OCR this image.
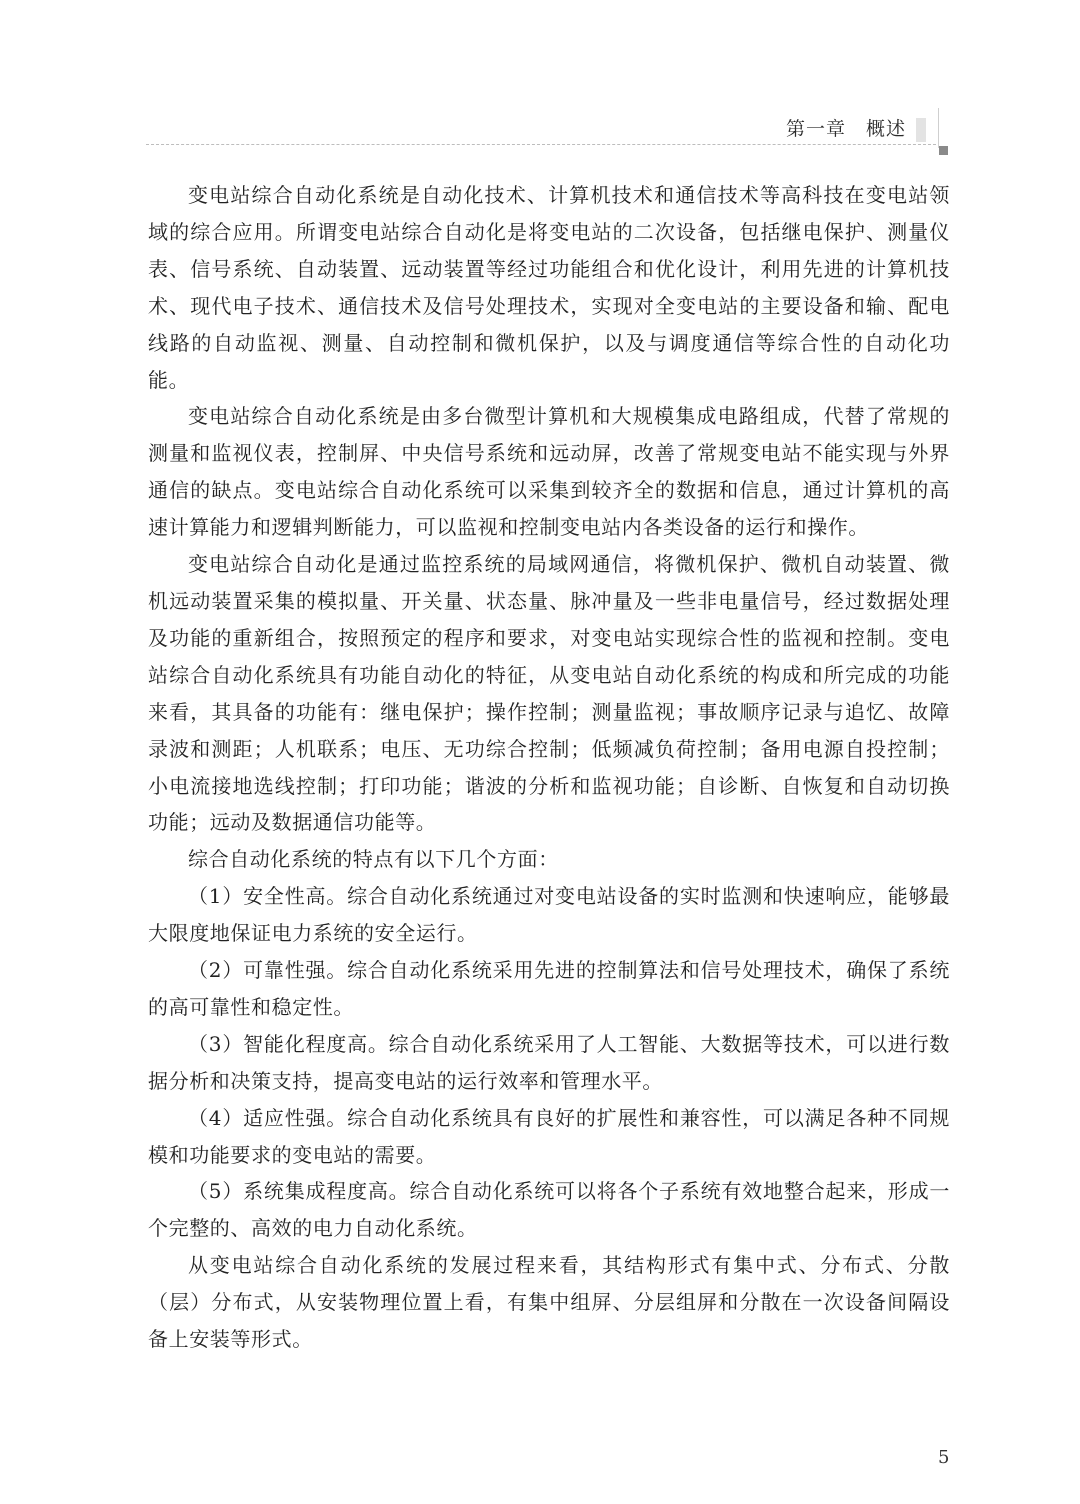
第一章　概述

变电站综合自动化系统是自动化技术、计算机技术和通信技术等高科技在变电站领域的综合应用。所谓变电站综合自动化是将变电站的二次设备，包括继电保护、测量仪表、信号系统、自动装置、远动装置等经过功能组合和优化设计，利用先进的计算机技术、现代电子技术、通信技术及信号处理技术，实现对全变电站的主要设备和输、配电线路的自动监视、测量、自动控制和微机保护，以及与调度通信等综合性的自动化功能。

变电站综合自动化系统是由多台微型计算机和大规模集成电路组成，代替了常规的测量和监视仪表，控制屏、中央信号系统和远动屏，改善了常规变电站不能实现与外界通信的缺点。变电站综合自动化系统可以采集到较齐全的数据和信息，通过计算机的高速计算能力和逻辑判断能力，可以监视和控制变电站内各类设备的运行和操作。

变电站综合自动化是通过监控系统的局域网通信，将微机保护、微机自动装置、微机远动装置采集的模拟量、开关量、状态量、脉冲量及一些非电量信号，经过数据处理及功能的重新组合，按照预定的程序和要求，对变电站实现综合性的监视和控制。变电站综合自动化系统具有功能自动化的特征，从变电站自动化系统的构成和所完成的功能来看，其具备的功能有：继电保护；操作控制；测量监视；事故顺序记录与追忆、故障录波和测距；人机联系；电压、无功综合控制；低频减负荷控制；备用电源自投控制；小电流接地选线控制；打印功能；谐波的分析和监视功能；自诊断、自恢复和自动切换功能；远动及数据通信功能等。

综合自动化系统的特点有以下几个方面：

（1）安全性高。综合自动化系统通过对变电站设备的实时监测和快速响应，能够最大限度地保证电力系统的安全运行。

（2）可靠性强。综合自动化系统采用先进的控制算法和信号处理技术，确保了系统的高可靠性和稳定性。

（3）智能化程度高。综合自动化系统采用了人工智能、大数据等技术，可以进行数据分析和决策支持，提高变电站的运行效率和管理水平。

（4）适应性强。综合自动化系统具有良好的扩展性和兼容性，可以满足各种不同规模和功能要求的变电站的需要。

（5）系统集成程度高。综合自动化系统可以将各个子系统有效地整合起来，形成一个完整的、高效的电力自动化系统。

从变电站综合自动化系统的发展过程来看，其结构形式有集中式、分布式、分散（层）分布式，从安装物理位置上看，有集中组屏、分层组屏和分散在一次设备间隔设备上安装等形式。

5
